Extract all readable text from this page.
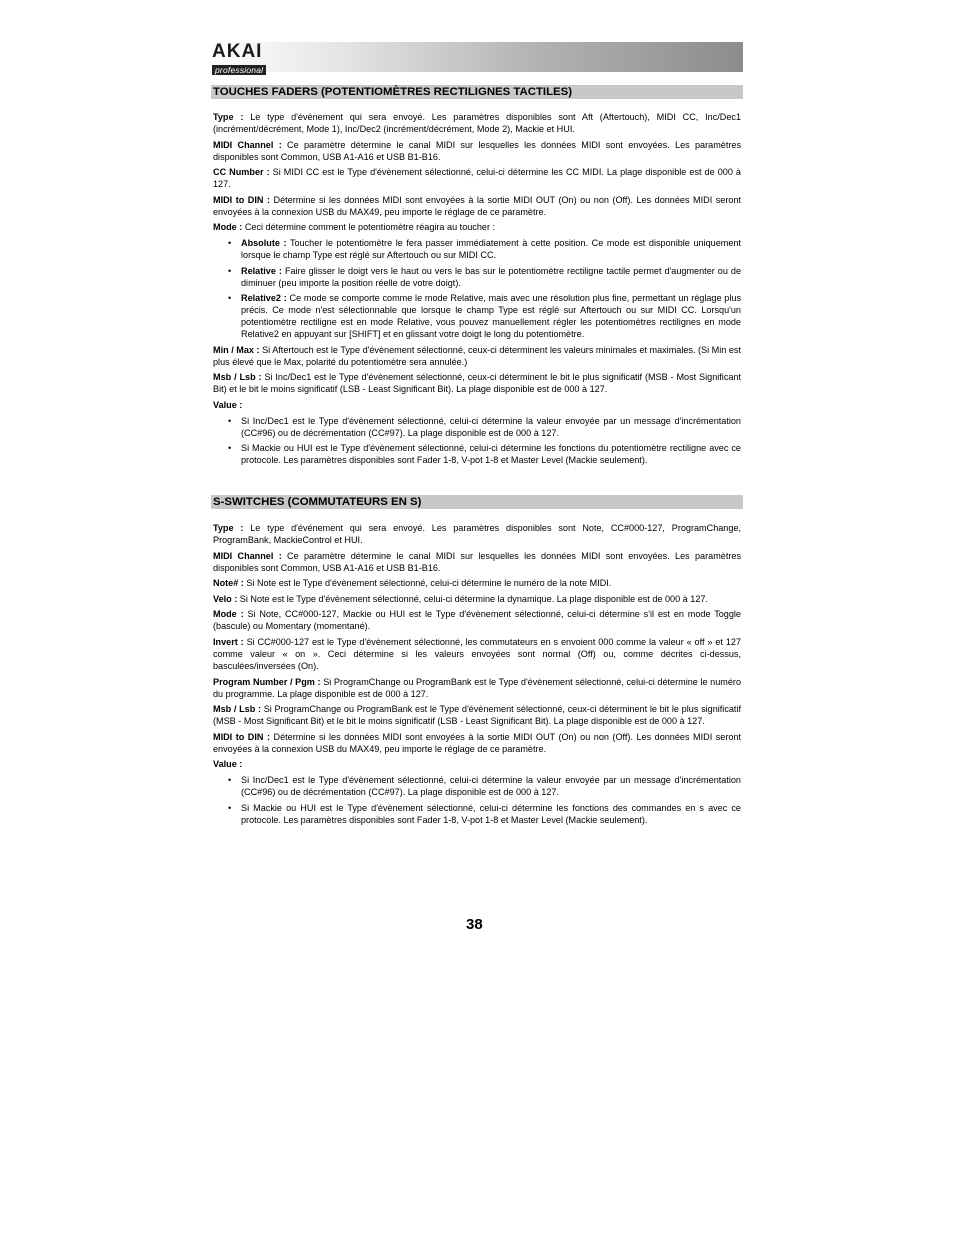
AKAI
professional
TOUCHES FADERS (POTENTIOMÈTRES RECTILIGNES TACTILES)

Type : Le type d'événement qui sera envoyé. Les paramètres disponibles sont Aft (Aftertouch), MIDI CC, Inc/Dec1 (incrément/décrément, Mode 1), Inc/Dec2 (incrément/décrément, Mode 2), Mackie et HUI.

MIDI Channel : Ce paramètre détermine le canal MIDI sur lesquelles les données MIDI sont envoyées. Les paramètres disponibles sont Common, USB A1-A16 et USB B1-B16.

CC Number : Si MIDI CC est le Type d'évènement sélectionné, celui-ci détermine les CC MIDI. La plage disponible est de 000 à 127.

MIDI to DIN : Détermine si les données MIDI sont envoyées à la sortie MIDI OUT (On) ou non (Off). Les données MIDI seront envoyées à la connexion USB du MAX49, peu importe le réglage de ce paramètre.

Mode : Ceci détermine comment le potentiomètre réagira au toucher :

• Absolute : Toucher le potentiomètre le fera passer immédiatement à cette position. Ce mode est disponible uniquement lorsque le champ Type est réglé sur Aftertouch ou sur MIDI CC.
• Relative : Faire glisser le doigt vers le haut ou vers le bas sur le potentiomètre rectiligne tactile permet d'augmenter ou de diminuer (peu importe la position réelle de votre doigt).
• Relative2 : Ce mode se comporte comme le mode Relative, mais avec une résolution plus fine, permettant un réglage plus précis. Ce mode n'est sélectionnable que lorsque le champ Type est réglé sur Aftertouch ou sur MIDI CC. Lorsqu'un potentiomètre rectiligne est en mode Relative, vous pouvez manuellement régler les potentiomètres rectilignes en mode Relative2 en appuyant sur [SHIFT] et en glissant votre doigt le long du potentiomètre.

Min / Max : Si Aftertouch est le Type d'évènement sélectionné, ceux-ci déterminent les valeurs minimales et maximales. (Si Min est plus élevé que le Max, polarité du potentiomètre sera annulée.)

Msb / Lsb : Si Inc/Dec1 est le Type d'évènement sélectionné, ceux-ci déterminent le bit le plus significatif (MSB - Most Significant Bit) et le bit le moins significatif (LSB - Least Significant Bit). La plage disponible est de 000 à 127.

Value :

• Si Inc/Dec1 est le Type d'évènement sélectionné, celui-ci détermine la valeur envoyée par un message d'incrémentation (CC#96) ou de décrémentation (CC#97). La plage disponible est de 000 à 127.
• Si Mackie ou HUI est le Type d'évènement sélectionné, celui-ci détermine les fonctions du potentiomètre rectiligne avec ce protocole. Les paramètres disponibles sont Fader 1-8, V-pot 1-8 et Master Level (Mackie seulement).
S-SWITCHES (COMMUTATEURS EN S)

Type : Le type d'événement qui sera envoyé. Les paramètres disponibles sont Note, CC#000-127, ProgramChange, ProgramBank, MackieControl et HUI.

MIDI Channel : Ce paramètre détermine le canal MIDI sur lesquelles les données MIDI sont envoyées. Les paramètres disponibles sont Common, USB A1-A16 et USB B1-B16.

Note# : Si Note est le Type d'évènement sélectionné, celui-ci détermine le numéro de la note MIDI.

Velo : Si Note est le Type d'évènement sélectionné, celui-ci détermine la dynamique. La plage disponible est de 000 à 127.

Mode : Si Note, CC#000-127, Mackie ou HUI est le Type d'évènement sélectionné, celui-ci détermine s'il est en mode Toggle (bascule) ou Momentary (momentané).

Invert : Si CC#000-127 est le Type d'évènement sélectionné, les commutateurs en s envoient 000 comme la valeur « off » et 127 comme valeur « on ». Ceci détermine si les valeurs envoyées sont normal (Off) ou, comme décrites ci-dessus, basculées/inversées (On).

Program Number / Pgm : Si ProgramChange ou ProgramBank est le Type d'évènement sélectionné, celui-ci détermine le numéro du programme. La plage disponible est de 000 à 127.

Msb / Lsb : Si ProgramChange ou ProgramBank est le Type d'évènement sélectionné, ceux-ci déterminent le bit le plus significatif (MSB - Most Significant Bit) et le bit le moins significatif (LSB - Least Significant Bit). La plage disponible est de 000 à 127.

MIDI to DIN : Détermine si les données MIDI sont envoyées à la sortie MIDI OUT (On) ou non (Off). Les données MIDI seront envoyées à la connexion USB du MAX49, peu importe le réglage de ce paramètre.

Value :

• Si Inc/Dec1 est le Type d'évènement sélectionné, celui-ci détermine la valeur envoyée par un message d'incrémentation (CC#96) ou de décrémentation (CC#97). La plage disponible est de 000 à 127.
• Si Mackie ou HUI est le Type d'évènement sélectionné, celui-ci détermine les fonctions des commandes en s avec ce protocole. Les paramètres disponibles sont Fader 1-8, V-pot 1-8 et Master Level (Mackie seulement).
38
